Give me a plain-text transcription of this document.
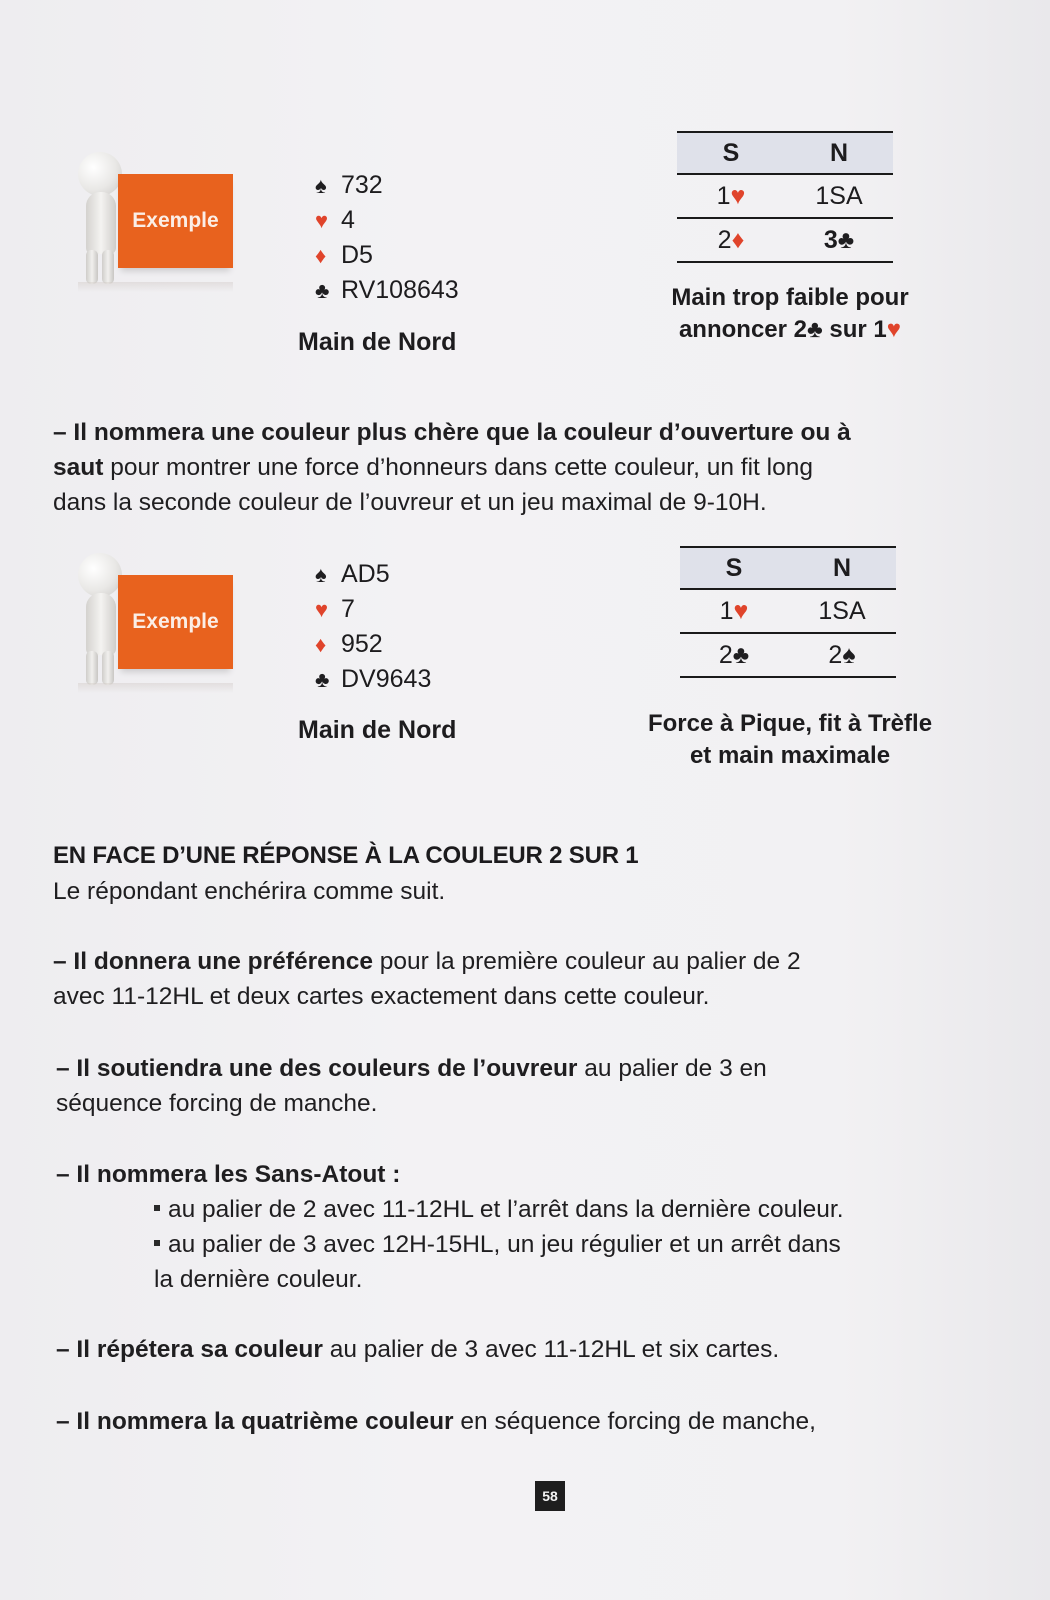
Exemple
♠ 732
♥ 4
♦ D5
♣ RV108643
Main de Nord
S	N
1♥	1SA
2♦	3♣
Main trop faible pour
annoncer 2♣ sur 1♥
– Il nommera une couleur plus chère que la couleur d’ouverture ou à
saut pour montrer une force d’honneurs dans cette couleur, un fit long
dans la seconde couleur de l’ouvreur et un jeu maximal de 9-10H.
Exemple
♠ AD5
♥ 7
♦ 952
♣ DV9643
Main de Nord
S	N
1♥	1SA
2♣	2♠
Force à Pique, fit à Trèfle
et main maximale
EN FACE D’UNE RÉPONSE À LA COULEUR 2 SUR 1
Le répondant enchérira comme suit.
– Il donnera une préférence pour la première couleur au palier de 2
avec 11-12HL et deux cartes exactement dans cette couleur.
– Il soutiendra une des couleurs de l’ouvreur au palier de 3 en
séquence forcing de manche.
– Il nommera les Sans-Atout :
au palier de 2 avec 11-12HL et l’arrêt dans la dernière couleur.
au palier de 3 avec 12H-15HL, un jeu régulier et un arrêt dans
la dernière couleur.
– Il répétera sa couleur au palier de 3 avec 11-12HL et six cartes.
– Il nommera la quatrième couleur en séquence forcing de manche,
58
